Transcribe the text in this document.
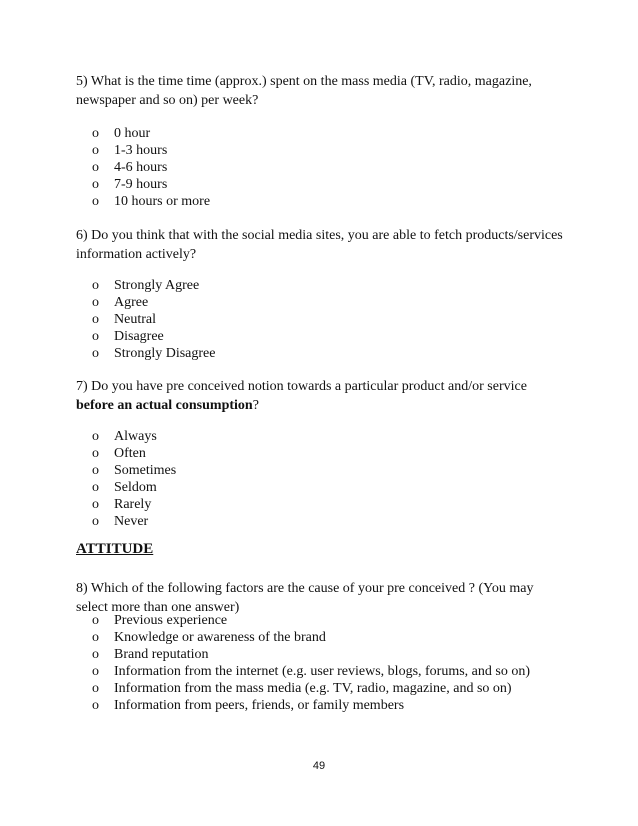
5) What is the time time (approx.) spent on the mass media (TV, radio, magazine, newspaper and so on) per week?
o 0 hour
o 1-3 hours
o 4-6 hours
o 7-9 hours
o 10 hours or more
6) Do you think that with the social media sites, you are able to fetch products/services information actively?
o Strongly Agree
o Agree
o Neutral
o Disagree
o Strongly Disagree
7) Do you have pre conceived notion towards a particular product and/or service
before an actual consumption?
o Always
o Often
o Sometimes
o Seldom
o Rarely
o Never
ATTITUDE
8) Which of the following factors are the cause of your pre conceived ? (You may select more than one answer)
o Previous experience
o Knowledge or awareness of the brand
o Brand reputation
o Information from the internet (e.g. user reviews, blogs, forums, and so on)
o Information from the mass media (e.g. TV, radio, magazine, and so on)
o Information from peers, friends, or family members
49
